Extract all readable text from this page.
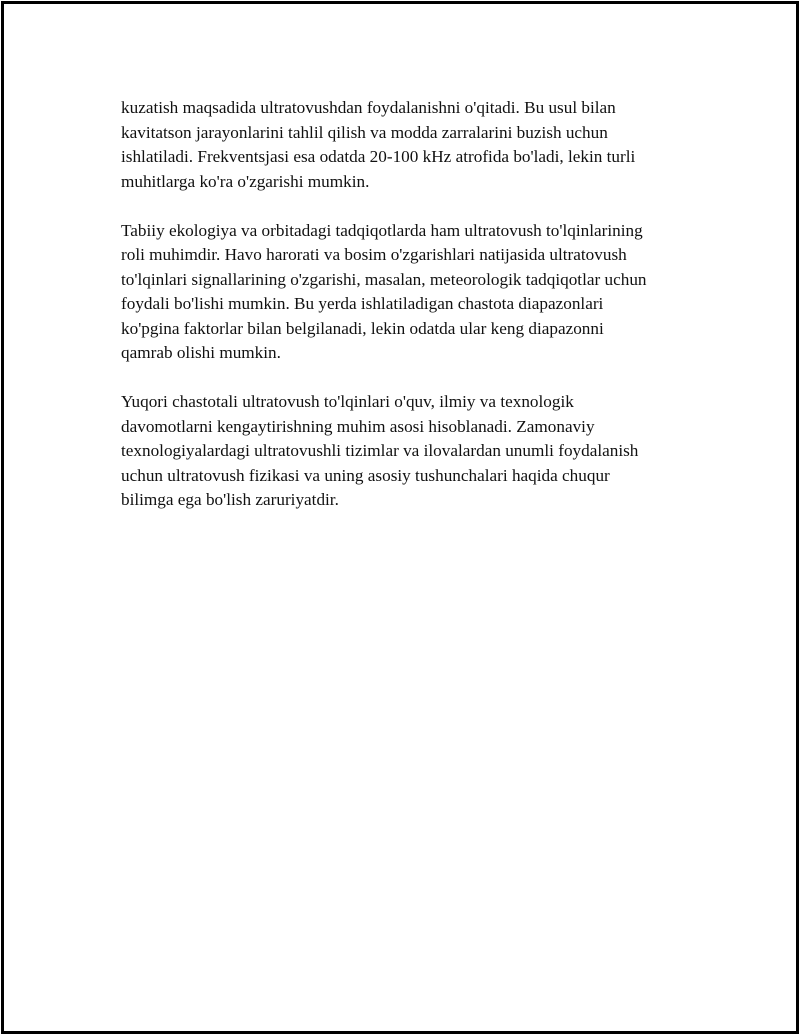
kuzatish maqsadida ultratovushdan foydalanishni o'qitadi. Bu usul bilan
kavitatson jarayonlarini tahlil qilish va modda zarralarini buzish uchun
ishlatiladi. Frekventsjasi esa odatda 20-100 kHz atrofida bo'ladi, lekin turli
muhitlarga ko'ra o'zgarishi mumkin.

Tabiiy ekologiya va orbitadagi tadqiqotlarda ham ultratovush to'lqinlarining
roli muhimdir. Havo harorati va bosim o'zgarishlari natijasida ultratovush
to'lqinlari signallarining o'zgarishi, masalan, meteorologik tadqiqotlar uchun
foydali bo'lishi mumkin. Bu yerda ishlatiladigan chastota diapazonlari
ko'pgina faktorlar bilan belgilanadi, lekin odatda ular keng diapazonni
qamrab olishi mumkin.

Yuqori chastotali ultratovush to'lqinlari o'quv, ilmiy va texnologik
davomotlarni kengaytirishning muhim asosi hisoblanadi. Zamonaviy
texnologiyalardagi ultratovushli tizimlar va ilovalardan unumli foydalanish
uchun ultratovush fizikasi va uning asosiy tushunchalari haqida chuqur
bilimga ega bo'lish zaruriyatdir.
